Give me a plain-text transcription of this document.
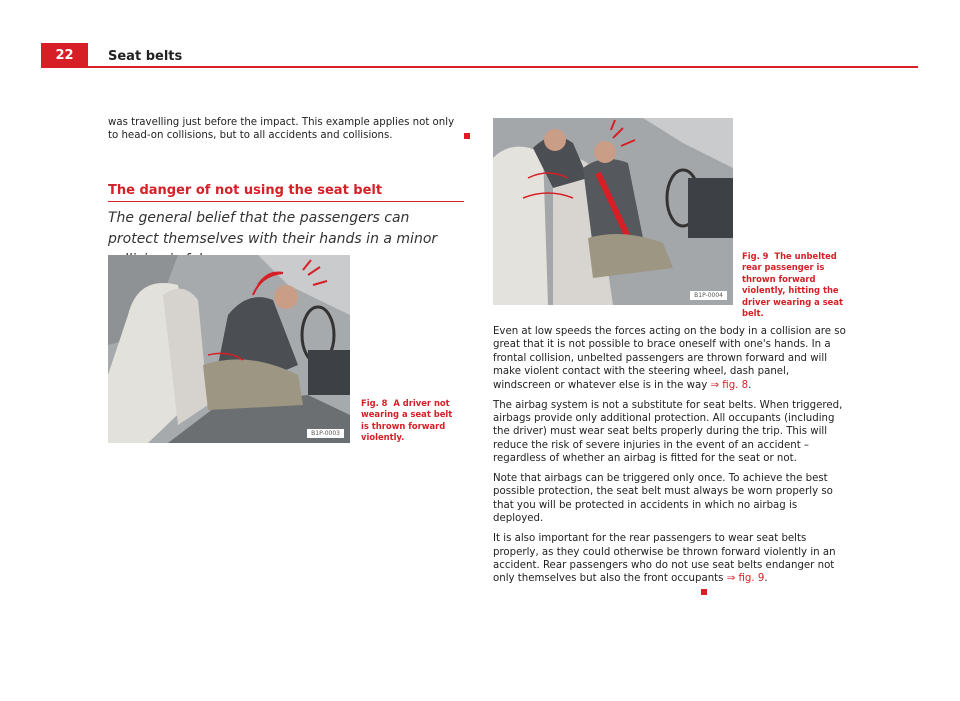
22	Seat belts
was travelling just before the impact. This example applies not only to head-on collisions, but to all accidents and collisions.
The danger of not using the seat belt
The general belief that the passengers can protect themselves with their hands in a minor
B1P-0003
Fig. 8 A driver not wearing a seat belt is thrown forward violently.
B1P-0004
Fig. 9 The unbelted rear passenger is thrown forward violently, hitting the driver wearing a seat belt.

Even at low speeds the forces acting on the body in a collision are so great that it is not possible to brace oneself with one's hands. In a frontal collision, unbelted passengers are thrown forward and will make violent contact with the steering wheel, dash panel, windscreen or whatever else is in the way ⇒ fig. 8.

The airbag system is not a substitute for seat belts. When triggered, airbags provide only additional protection. All occupants (including the driver) must wear seat belts properly during the trip. This will reduce the risk of severe injuries in the event of an accident – regardless of whether an airbag is fitted for the seat or not.

Note that airbags can be triggered only once. To achieve the best possible protection, the seat belt must always be worn properly so that you will be protected in accidents in which no airbag is deployed.

It is also important for the rear passengers to wear seat belts properly, as they could otherwise be thrown forward violently in an accident. Rear passengers who do not use seat belts endanger not only themselves but also the front occupants ⇒ fig. 9.
